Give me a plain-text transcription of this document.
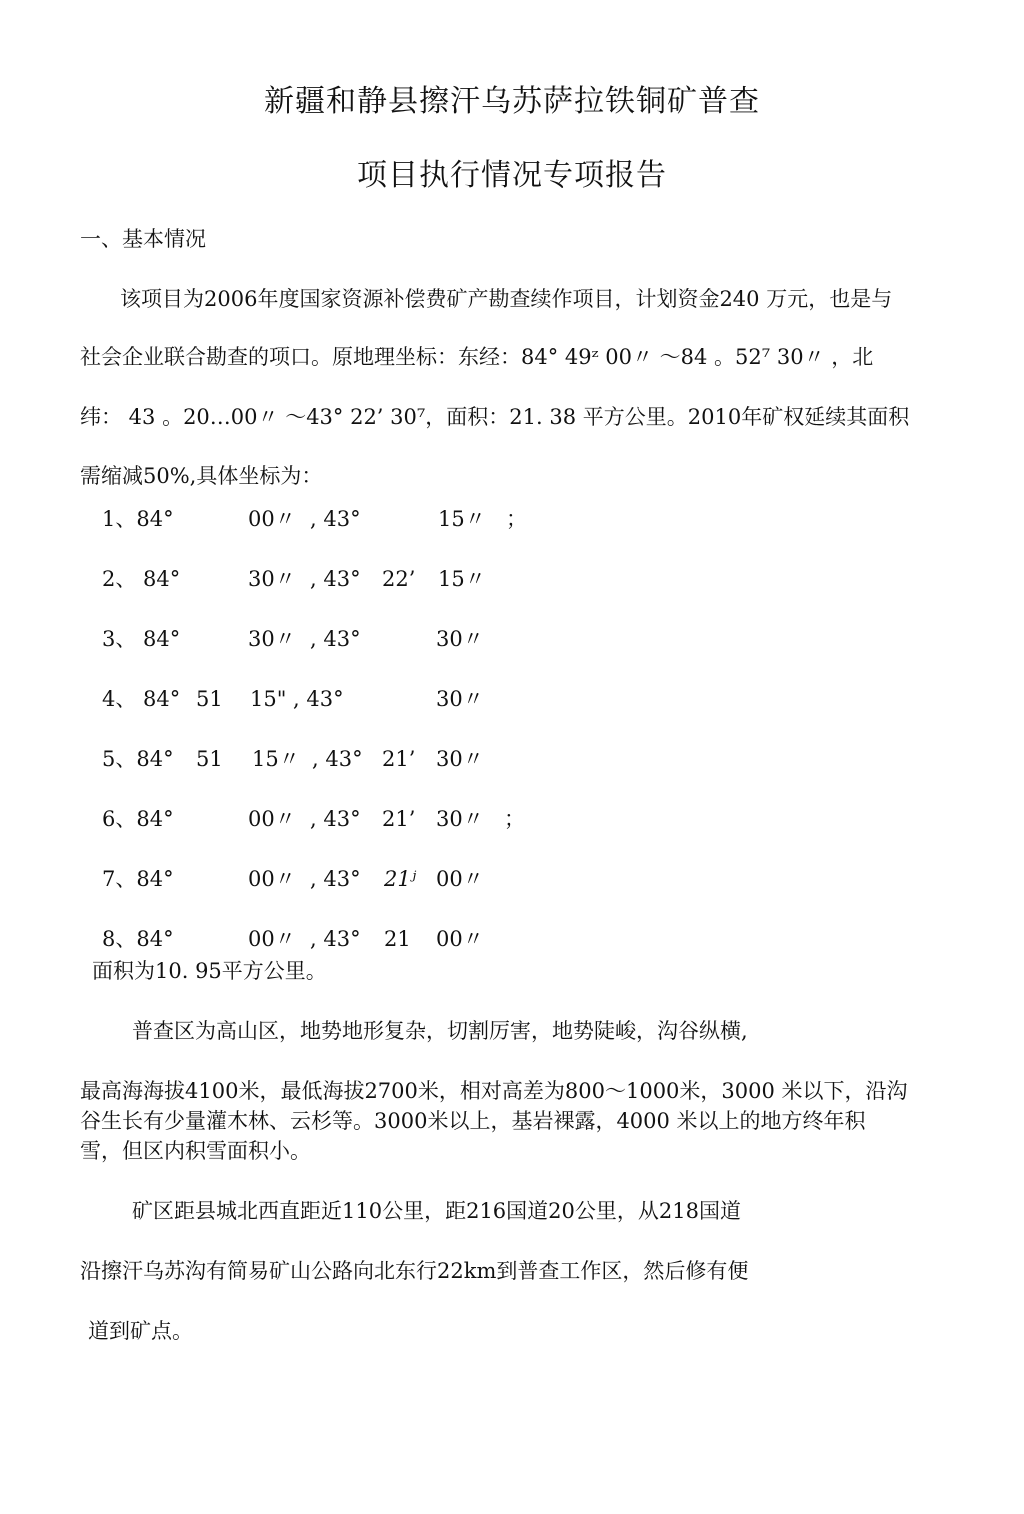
新疆和静县擦汗乌苏萨拉铁铜矿普查
项目执行情况专项报告
一、基本情况
该项目为2006年度国家资源补偿费矿产勘查续作项目，计划资金240 万元，也是与
社会企业联合勘查的项口。原地理坐标：东经：84° 49ᶻ 00〃 ～84 。52⁷ 30〃 ，北
纬： 43 。20…00〃 ～43° 22’ 30⁷，面积：21. 38 平方公里。2010年矿权延续其面积
需缩减50%,具体坐标为：
1、84°	00〃 , 43°	15〃 ；
2、 84°	30〃 , 43° 22’ 15〃
3、 84°	30〃 , 43°	30〃
4、 84° 51 15" , 43°	30〃
5、84° 51 15〃 , 43° 21’ 30〃
6、84°	00〃 , 43° 21’ 30〃 ；
7、84°	00〃 , 43° 21ʲ 00〃
8、84°	00〃 , 43° 21 00〃
面积为10. 95平方公里。
普查区为高山区，地势地形复杂，切割厉害，地势陡峻，沟谷纵横,
最高海海拔4100米，最低海拔2700米，相对高差为800～1000米，3000 米以下，沿沟
谷生长有少量灌木林、云杉等。3000米以上，基岩裸露，4000 米以上的地方终年积
雪，但区内积雪面积小。
矿区距县城北西直距近110公里，距216国道20公里，从218国道
沿擦汗乌苏沟有简易矿山公路向北东行22km到普查工作区，然后修有便
道到矿点。
